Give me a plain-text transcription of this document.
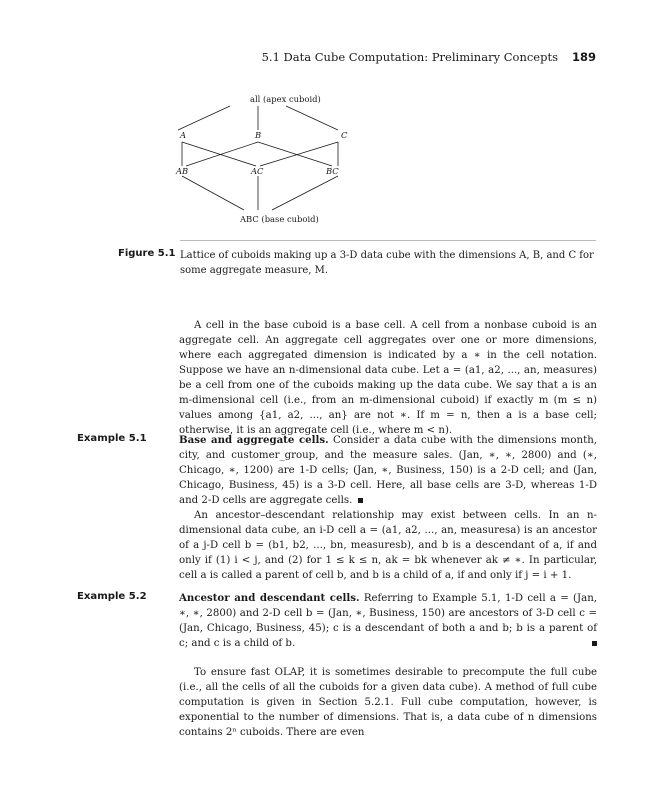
5.1 Data Cube Computation: Preliminary Concepts 189
all (apex cuboid)
A	B	C
AB	AC	BC
ABC (base cuboid)
Figure 5.1 Lattice of cuboids making up a 3-D data cube with the dimensions A, B, and C for some aggregate measure, M.
A cell in the base cuboid is a base cell. A cell from a nonbase cuboid is an aggregate cell. An aggregate cell aggregates over one or more dimensions, where each aggregated dimension is indicated by a ∗ in the cell notation. Suppose we have an n-dimensional data cube. Let a = (a1, a2, ..., an, measures) be a cell from one of the cuboids making up the data cube. We say that a is an m-dimensional cell (i.e., from an m-dimensional cuboid) if exactly m (m ≤ n) values among {a1, a2, ..., an} are not ∗. If m = n, then a is a base cell; otherwise, it is an aggregate cell (i.e., where m < n).
Example 5.1	Base and aggregate cells. Consider a data cube with the dimensions month, city, and customer_group, and the measure sales. (Jan, ∗, ∗, 2800) and (∗, Chicago, ∗, 1200) are 1-D cells; (Jan, ∗, Business, 150) is a 2-D cell; and (Jan, Chicago, Business, 45) is a 3-D cell. Here, all base cells are 3-D, whereas 1-D and 2-D cells are aggregate cells.
An ancestor–descendant relationship may exist between cells. In an n-dimensional data cube, an i-D cell a = (a1, a2, ..., an, measuresa) is an ancestor of a j-D cell b = (b1, b2, ..., bn, measuresb), and b is a descendant of a, if and only if (1) i < j, and (2) for 1 ≤ k ≤ n, ak = bk whenever ak ≠ ∗. In particular, cell a is called a parent of cell b, and b is a child of a, if and only if j = i + 1.
Example 5.2	Ancestor and descendant cells. Referring to Example 5.1, 1-D cell a = (Jan, ∗, ∗, 2800) and 2-D cell b = (Jan, ∗, Business, 150) are ancestors of 3-D cell c = (Jan, Chicago, Business, 45); c is a descendant of both a and b; b is a parent of c; and c is a child of b.
To ensure fast OLAP, it is sometimes desirable to precompute the full cube (i.e., all the cells of all the cuboids for a given data cube). A method of full cube computation is given in Section 5.2.1. Full cube computation, however, is exponential to the number of dimensions. That is, a data cube of n dimensions contains 2ⁿ cuboids. There are even
